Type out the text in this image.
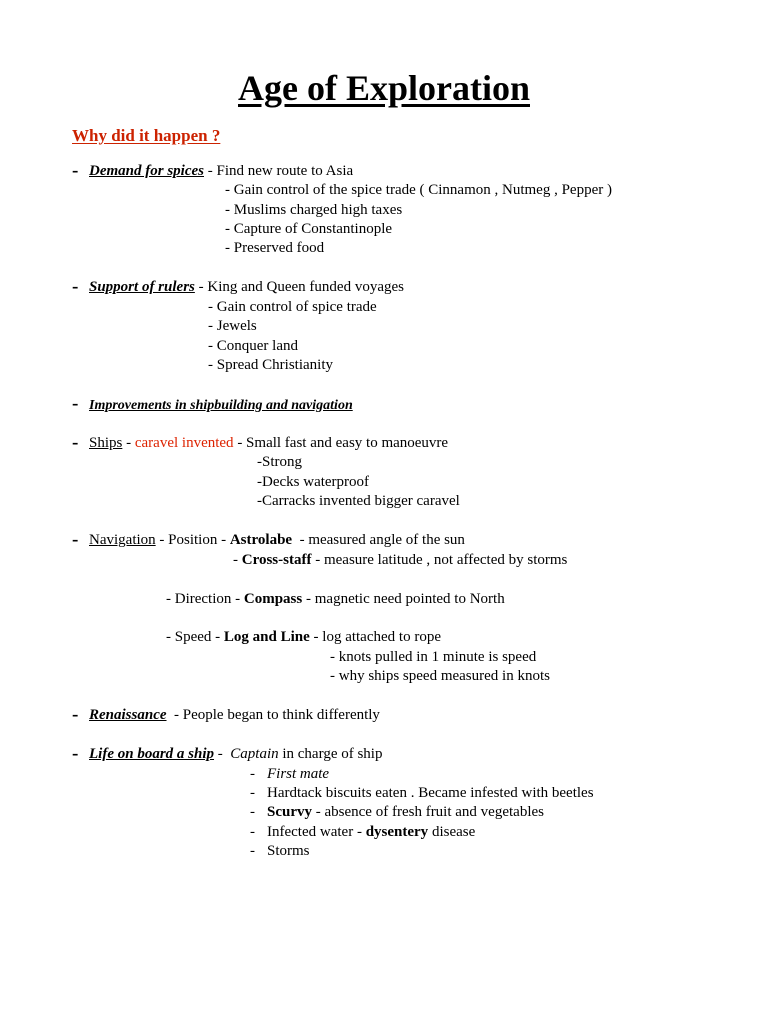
Age of Exploration
Why did it happen ?
- Demand for spices - Find new route to Asia
- Gain control of the spice trade ( Cinnamon , Nutmeg , Pepper )
- Muslims charged high taxes
- Capture of Constantinople
- Preserved food
- Support of rulers - King and Queen funded voyages
- Gain control of spice trade
- Jewels
- Conquer land
- Spread Christianity
- Improvements in shipbuilding and navigation
- Ships - caravel invented - Small fast and easy to manoeuvre
-Strong
-Decks waterproof
-Carracks invented bigger caravel
- Navigation - Position - Astrolabe  - measured angle of the sun
- Cross-staff - measure latitude , not affected by storms
- Direction - Compass - magnetic need pointed to North
- Speed - Log and Line - log attached to rope
- knots pulled in 1 minute is speed
- why ships speed measured in knots
- Renaissance - People began to think differently
- Life on board a ship -  Captain in charge of ship
- First mate
- Hardtack biscuits eaten . Became infested with beetles
- Scurvy - absence of fresh fruit and vegetables
- Infected water - dysentery disease
- Storms
